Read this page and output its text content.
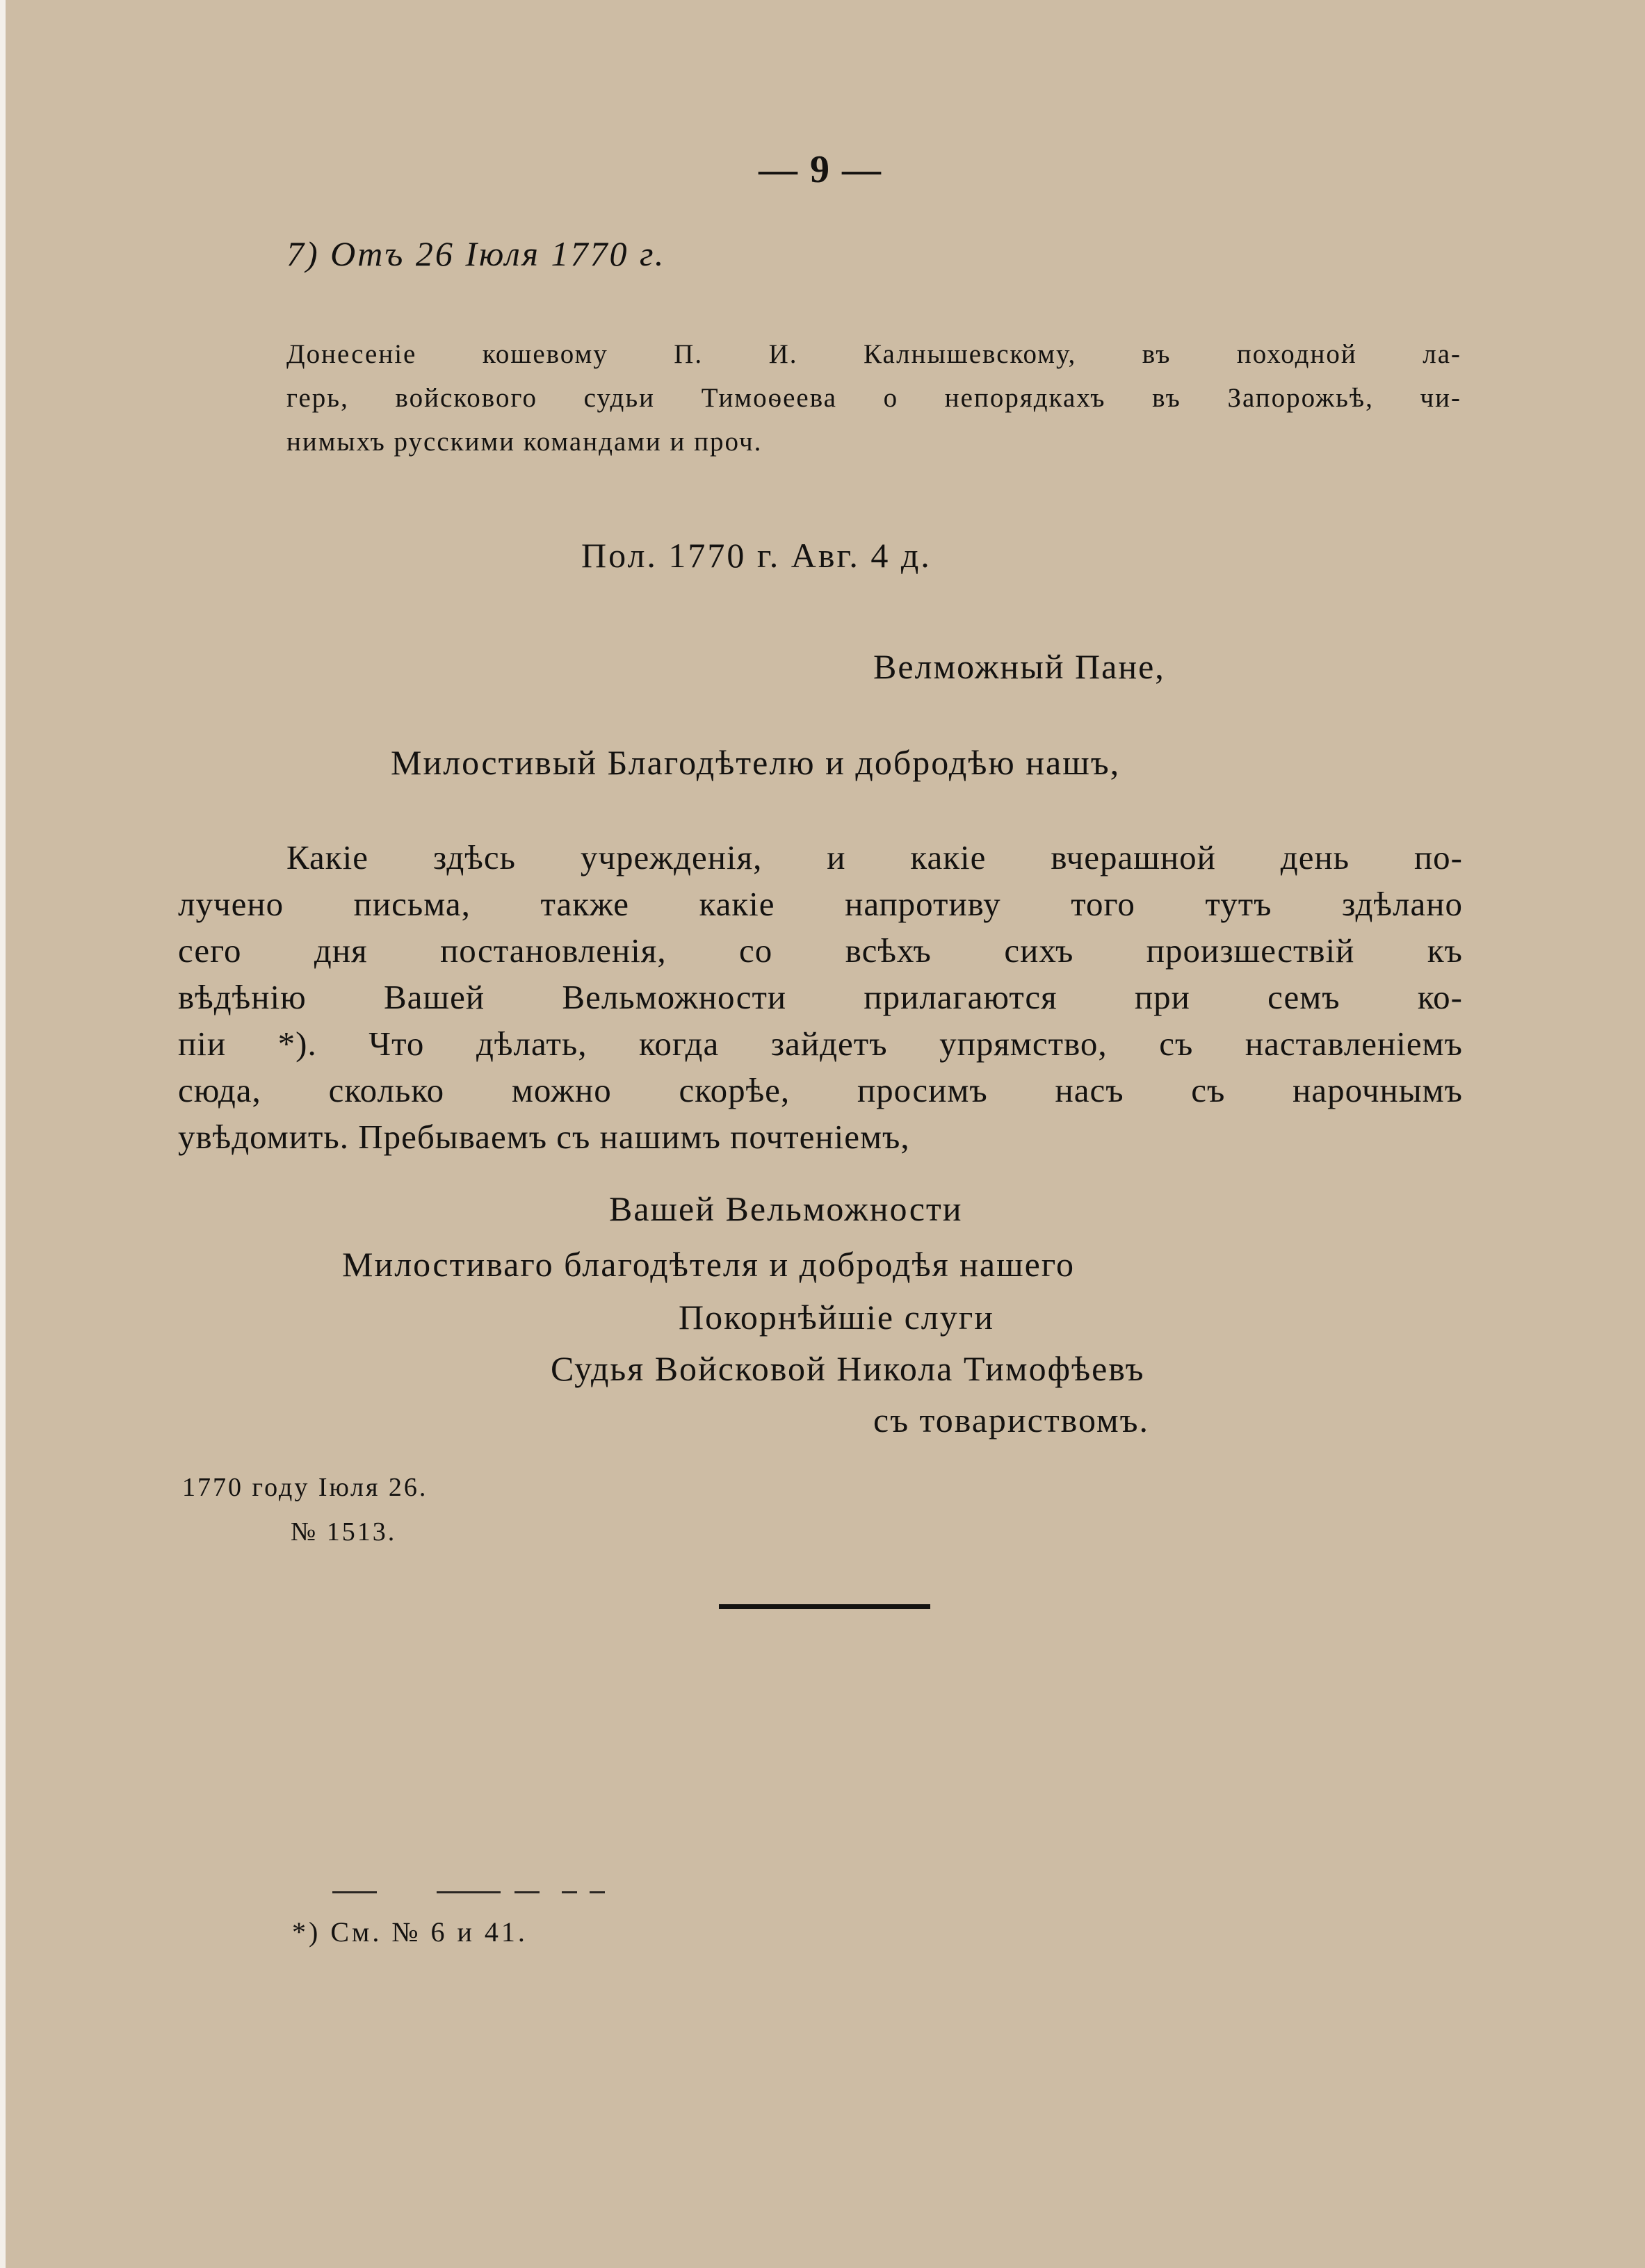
— 9 —
7) Отъ 26 Іюля 1770 г.
Донесеніе кошевому П. И. Калнышевскому, въ походной ла-
герь, войскового судьи Тимоѳеева о непорядкахъ въ Запорожьѣ, чи-
нимыхъ русскими командами и проч.
Пол. 1770 г. Авг. 4 д.
Велможный Пане,
Милостивый Благодѣтелю и добродѣю нашъ,
Какіе здѣсь учрежденія, и какіе вчерашной день по-
лучено письма, также какіе напротиву того тутъ здѣлано
сего дня постановленія, со всѣхъ сихъ произшествій къ
вѣдѣнію Вашей Вельможности прилагаются при семъ ко-
піи *). Что дѣлать, когда зайдетъ упрямство, съ наставленіемъ
сюда, сколько можно скорѣе, просимъ насъ съ нарочнымъ
увѣдомить. Пребываемъ съ нашимъ почтеніемъ,
Вашей Вельможности
Милостиваго благодѣтеля и добродѣя нашего
Покорнѣйшіе слуги
Судья Войсковой Никола Тимофѣевъ
съ товариствомъ.
1770 году Іюля 26.
№ 1513.
*) См. № 6 и 41.
